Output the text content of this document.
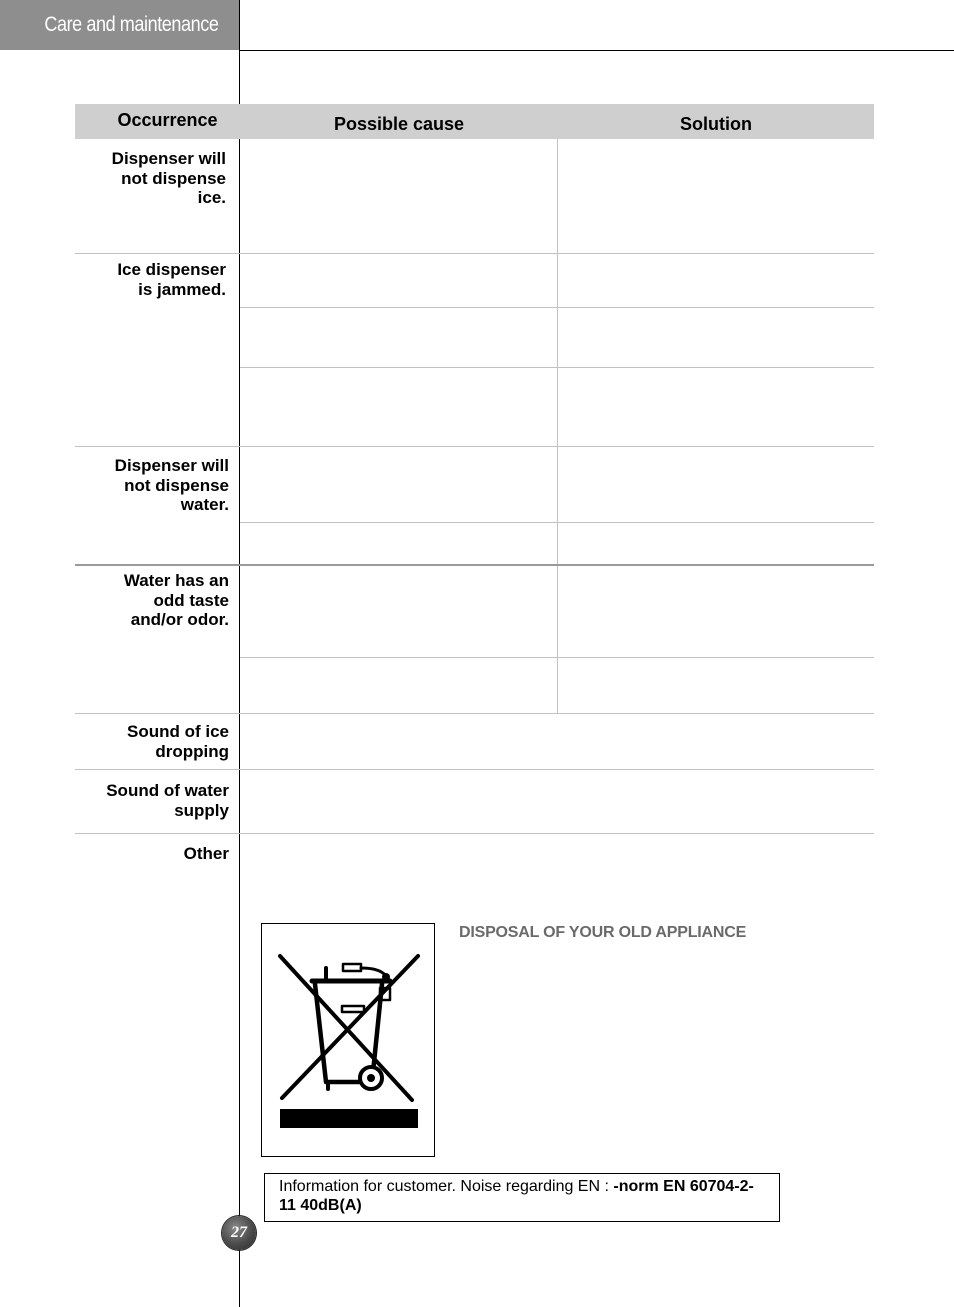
Care and maintenance
Occurrence	Possible cause	Solution
Dispenser will
not dispense
ice.
Ice dispenser
is jammed.
Dispenser will
not dispense
water.
Water has an
odd taste
and/or odor.
Sound of ice
dropping
Sound of water
supply
Other
DISPOSAL OF YOUR OLD APPLIANCE
Information for customer. Noise regarding EN : -norm EN 60704-2-11 40dB(A)
27
